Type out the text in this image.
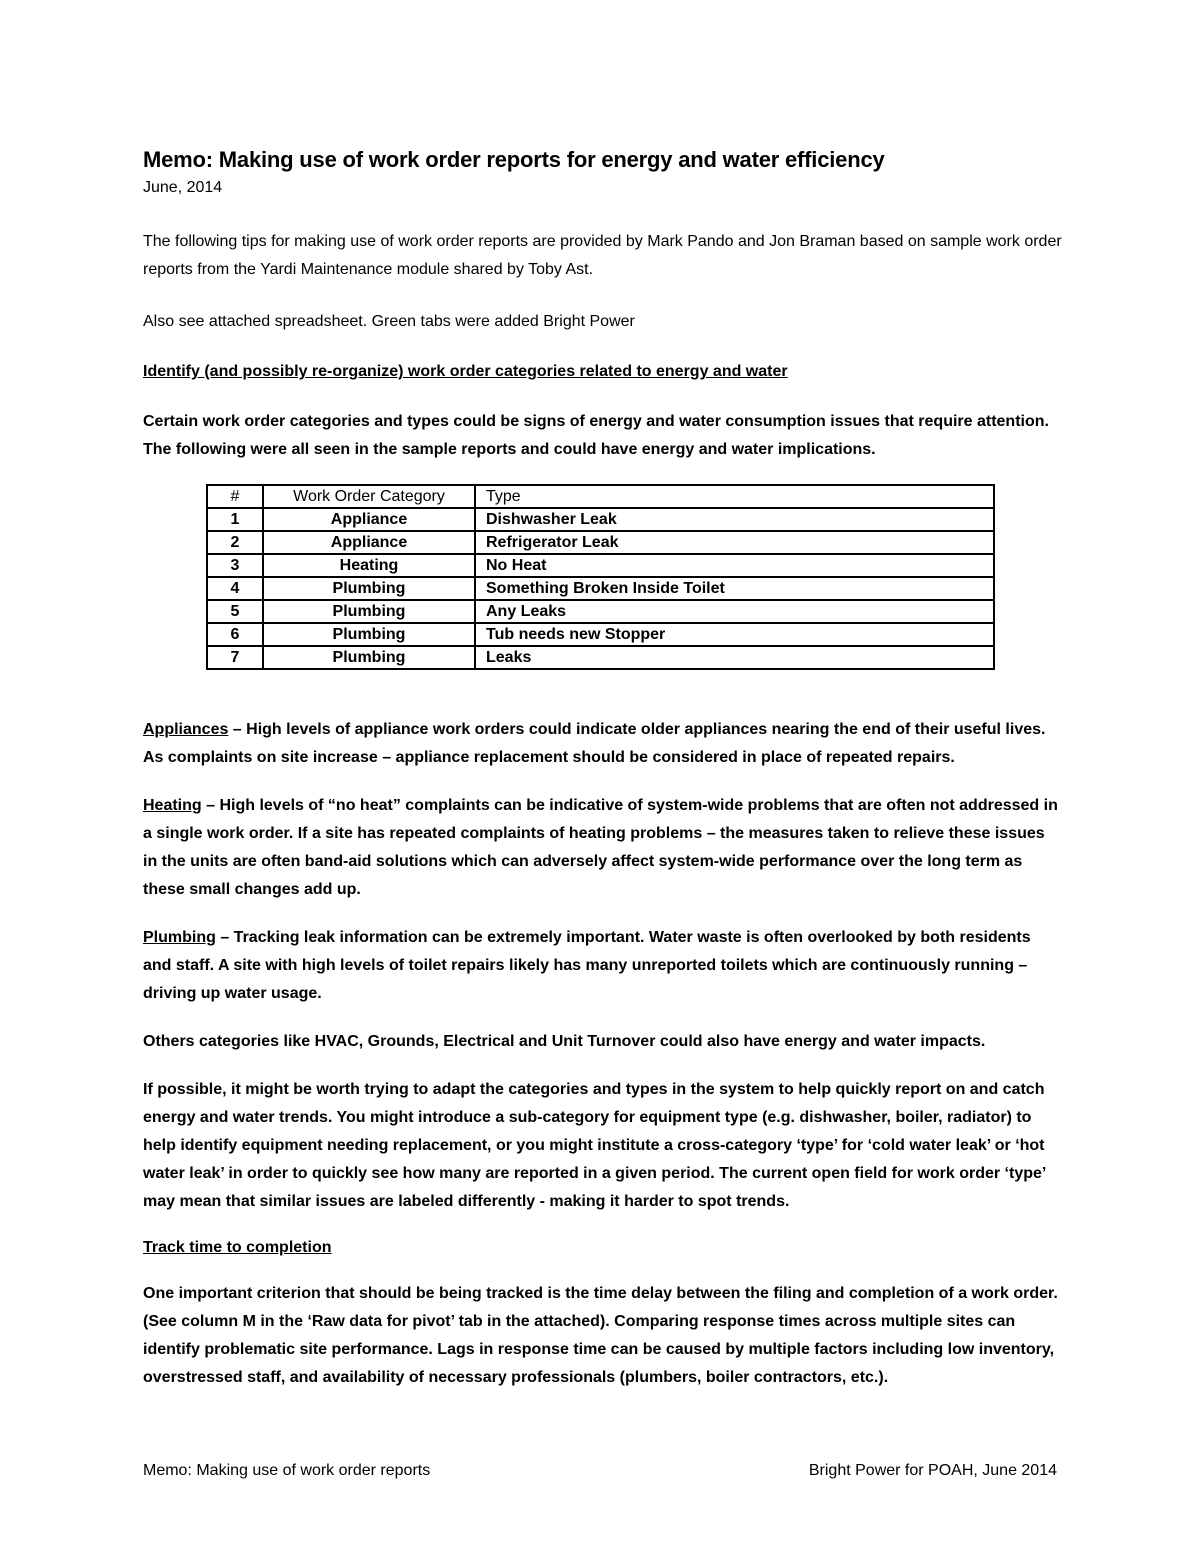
Memo: Making use of work order reports for energy and water efficiency

June, 2014

The following tips for making use of work order reports are provided by Mark Pando and Jon Braman based on sample work order reports from the Yardi Maintenance module shared by Toby Ast.

Also see attached spreadsheet. Green tabs were added Bright Power

Identify (and possibly re-organize) work order categories related to energy and water

Certain work order categories and types could be signs of energy and water consumption issues that require attention. The following were all seen in the sample reports and could have energy and water implications.

#	Work Order Category	Type
1	Appliance	Dishwasher Leak
2	Appliance	Refrigerator Leak
3	Heating	No Heat
4	Plumbing	Something Broken Inside Toilet
5	Plumbing	Any Leaks
6	Plumbing	Tub needs new Stopper
7	Plumbing	Leaks

Appliances – High levels of appliance work orders could indicate older appliances nearing the end of their useful lives. As complaints on site increase – appliance replacement should be considered in place of repeated repairs.

Heating – High levels of “no heat” complaints can be indicative of system-wide problems that are often not addressed in a single work order. If a site has repeated complaints of heating problems – the measures taken to relieve these issues in the units are often band-aid solutions which can adversely affect system-wide performance over the long term as these small changes add up.

Plumbing – Tracking leak information can be extremely important. Water waste is often overlooked by both residents and staff. A site with high levels of toilet repairs likely has many unreported toilets which are continuously running – driving up water usage.

Others categories like HVAC, Grounds, Electrical and Unit Turnover could also have energy and water impacts.

If possible, it might be worth trying to adapt the categories and types in the system to help quickly report on and catch energy and water trends. You might introduce a sub-category for equipment type (e.g. dishwasher, boiler, radiator) to help identify equipment needing replacement, or you might institute a cross-category ‘type’ for ‘cold water leak’ or ‘hot water leak’ in order to quickly see how many are reported in a given period. The current open field for work order ‘type’ may mean that similar issues are labeled differently - making it harder to spot trends.

Track time to completion

One important criterion that should be being tracked is the time delay between the filing and completion of a work order. (See column M in the ‘Raw data for pivot’ tab in the attached). Comparing response times across multiple sites can identify problematic site performance. Lags in response time can be caused by multiple factors including low inventory, overstressed staff, and availability of necessary professionals (plumbers, boiler contractors, etc.).

Memo: Making use of work order reports	Bright Power for POAH, June 2014
